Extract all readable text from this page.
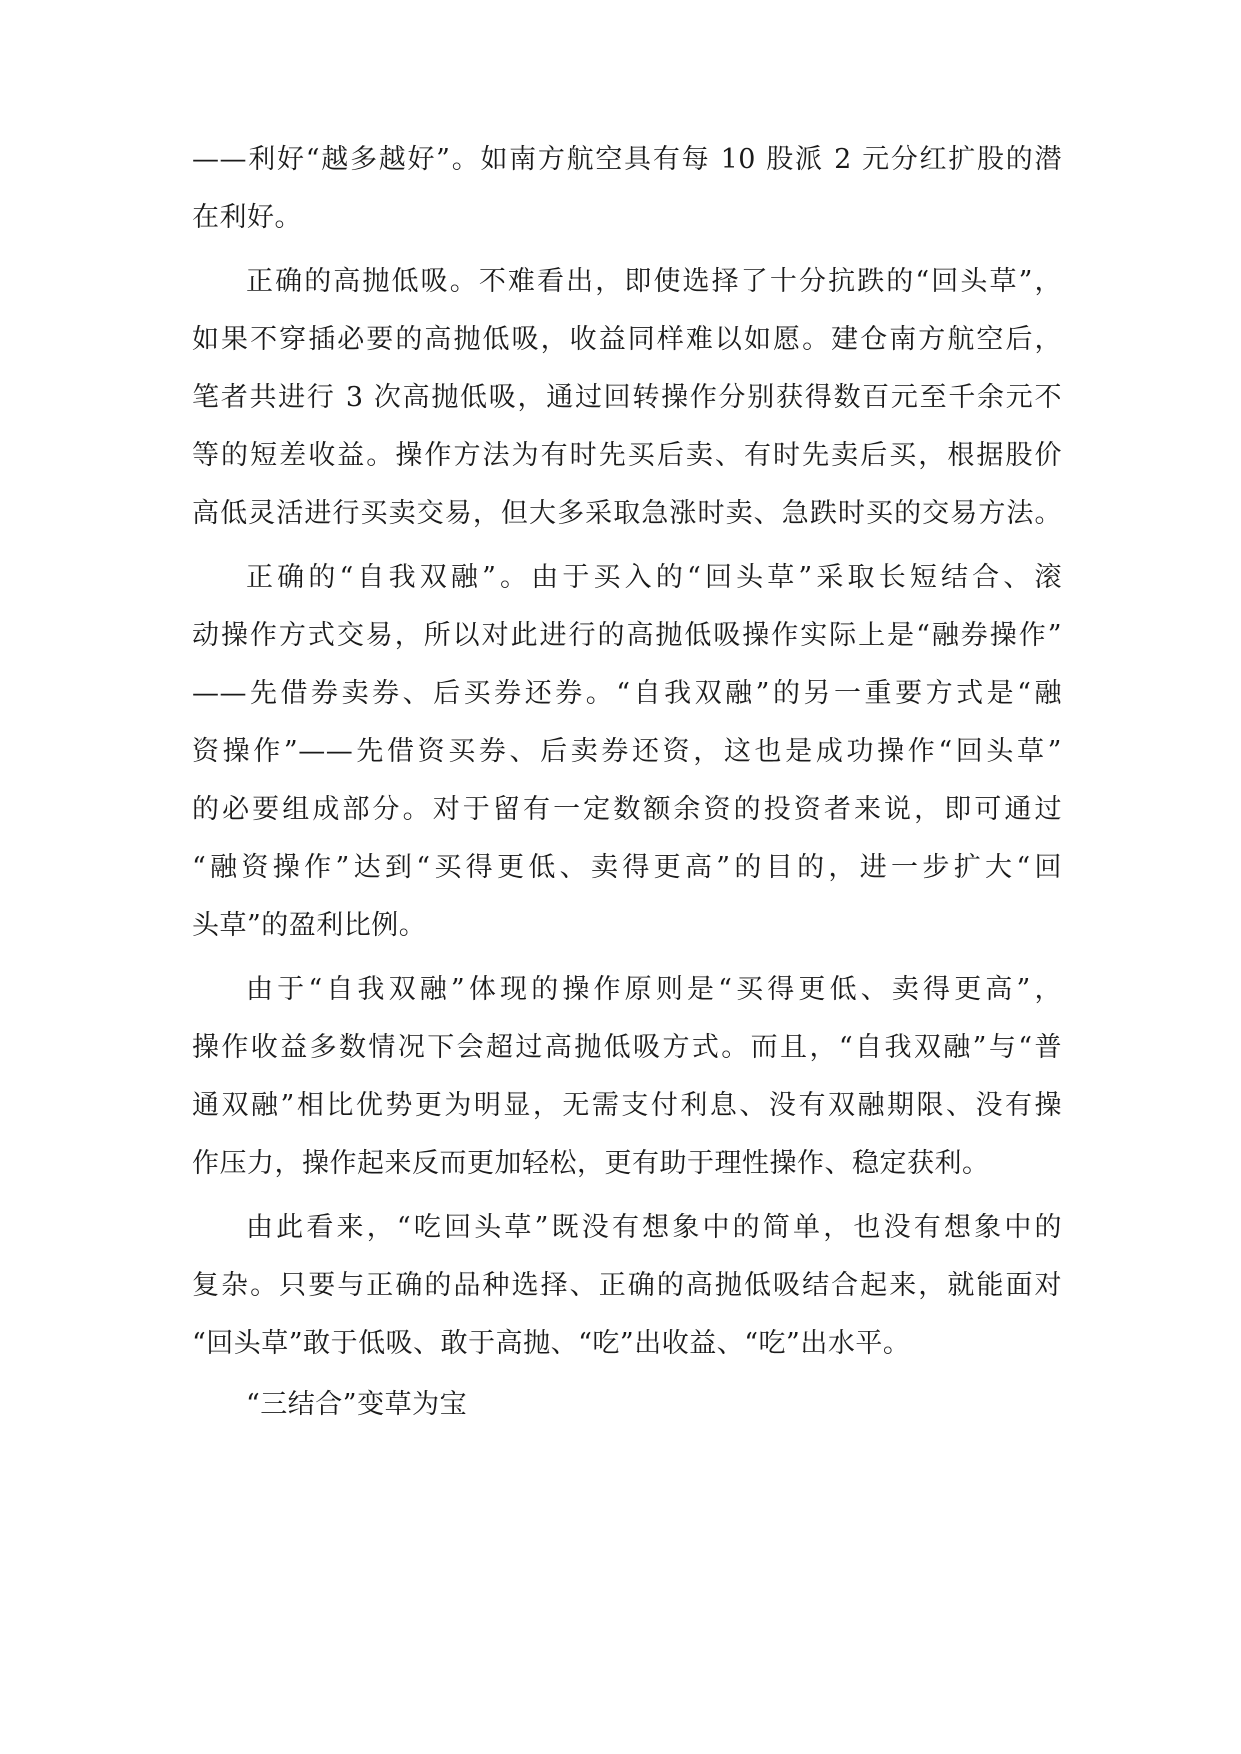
——利好“越多越好”。如南方航空具有每 10 股派 2 元分红扩股的潜
在利好。
正确的高抛低吸。不难看出，即使选择了十分抗跌的“回头草”，
如果不穿插必要的高抛低吸，收益同样难以如愿。建仓南方航空后，
笔者共进行 3 次高抛低吸，通过回转操作分别获得数百元至千余元不
等的短差收益。操作方法为有时先买后卖、有时先卖后买，根据股价
高低灵活进行买卖交易，但大多采取急涨时卖、急跌时买的交易方法。
正确的“自我双融”。由于买入的“回头草”采取长短结合、滚
动操作方式交易，所以对此进行的高抛低吸操作实际上是“融券操作”
——先借券卖券、后买券还券。“自我双融”的另一重要方式是“融
资操作”——先借资买券、后卖券还资，这也是成功操作“回头草”
的必要组成部分。对于留有一定数额余资的投资者来说，即可通过
“融资操作”达到“买得更低、卖得更高”的目的，进一步扩大“回
头草”的盈利比例。
由于“自我双融”体现的操作原则是“买得更低、卖得更高”，
操作收益多数情况下会超过高抛低吸方式。而且，“自我双融”与“普
通双融”相比优势更为明显，无需支付利息、没有双融期限、没有操
作压力，操作起来反而更加轻松，更有助于理性操作、稳定获利。
由此看来，“吃回头草”既没有想象中的简单，也没有想象中的
复杂。只要与正确的品种选择、正确的高抛低吸结合起来，就能面对
“回头草”敢于低吸、敢于高抛、“吃”出收益、“吃”出水平。
“三结合”变草为宝
